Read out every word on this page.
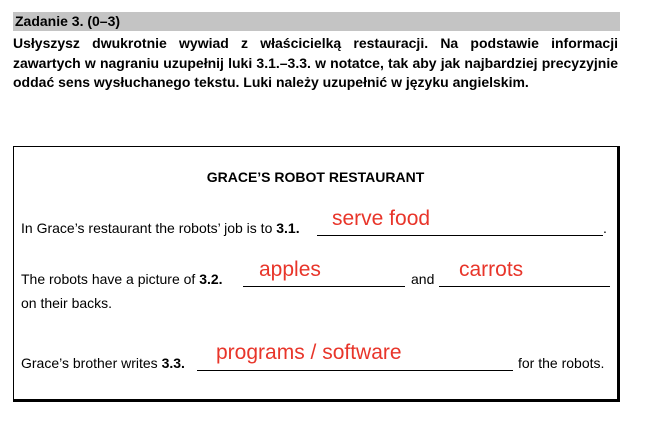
Zadanie 3. (0–3)
Usłyszysz dwukrotnie wywiad z właścicielką restauracji. Na podstawie informacji zawartych w nagraniu uzupełnij luki 3.1.–3.3. w notatce, tak aby jak najbardziej precyzyjnie oddać sens wysłuchanego tekstu. Luki należy uzupełnić w języku angielskim.
GRACE’S ROBOT RESTAURANT
In Grace’s restaurant the robots’ job is to 3.1. serve food	.
The robots have a picture of 3.2. apples	and carrots
on their backs.
Grace’s brother writes 3.3. programs / software	for the robots.
